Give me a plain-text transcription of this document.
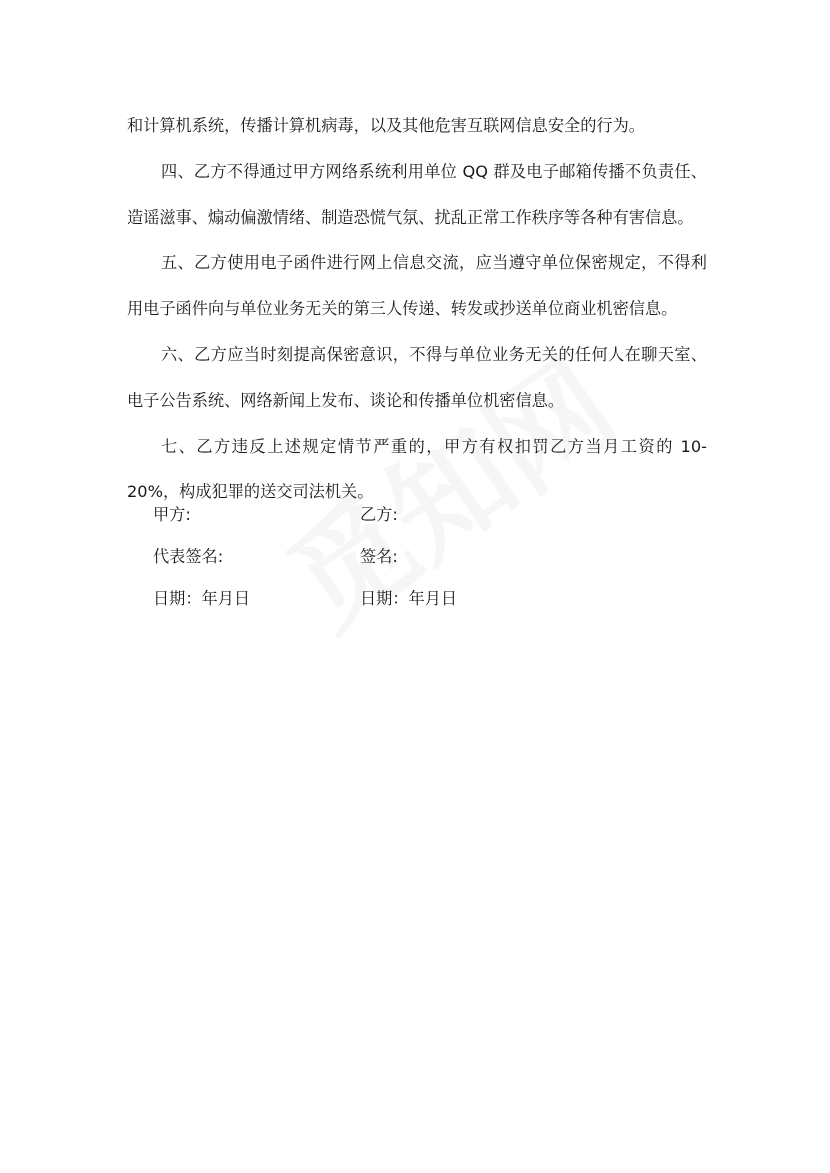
和计算机系统，传播计算机病毒，以及其他危害互联网信息安全的行为。

四、乙方不得通过甲方网络系统利用单位 QQ 群及电子邮箱传播不负责任、造谣滋事、煽动偏激情绪、制造恐慌气氛、扰乱正常工作秩序等各种有害信息。

五、乙方使用电子函件进行网上信息交流，应当遵守单位保密规定，不得利用电子函件向与单位业务无关的第三人传递、转发或抄送单位商业机密信息。

六、乙方应当时刻提高保密意识，不得与单位业务无关的任何人在聊天室、电子公告系统、网络新闻上发布、谈论和传播单位机密信息。

七、乙方违反上述规定情节严重的，甲方有权扣罚乙方当月工资的 10-20%，构成犯罪的送交司法机关。

甲方:	乙方:
代表签名:	签名:
日期：年月日	日期：年月日
